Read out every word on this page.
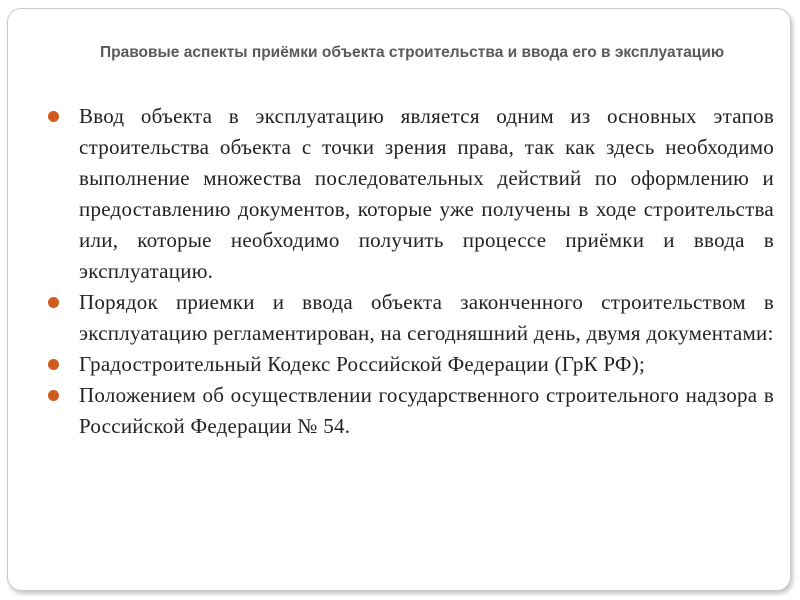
Правовые аспекты приёмки объекта строительства и ввода его в эксплуатацию
Ввод объекта в эксплуатацию является одним из основных этапов строительства объекта с точки зрения права, так как здесь необходимо выполнение множества последовательных действий по оформлению и предоставлению документов, которые уже получены в ходе строительства или, которые необходимо получить процессе приёмки и ввода в эксплуатацию.
Порядок приемки и ввода объекта законченного строительством в эксплуатацию регламентирован, на сегодняшний день, двумя документами:
Градостроительный Кодекс Российской Федерации (ГрК РФ);
Положением об осуществлении государственного строительного надзора в Российской Федерации № 54.
